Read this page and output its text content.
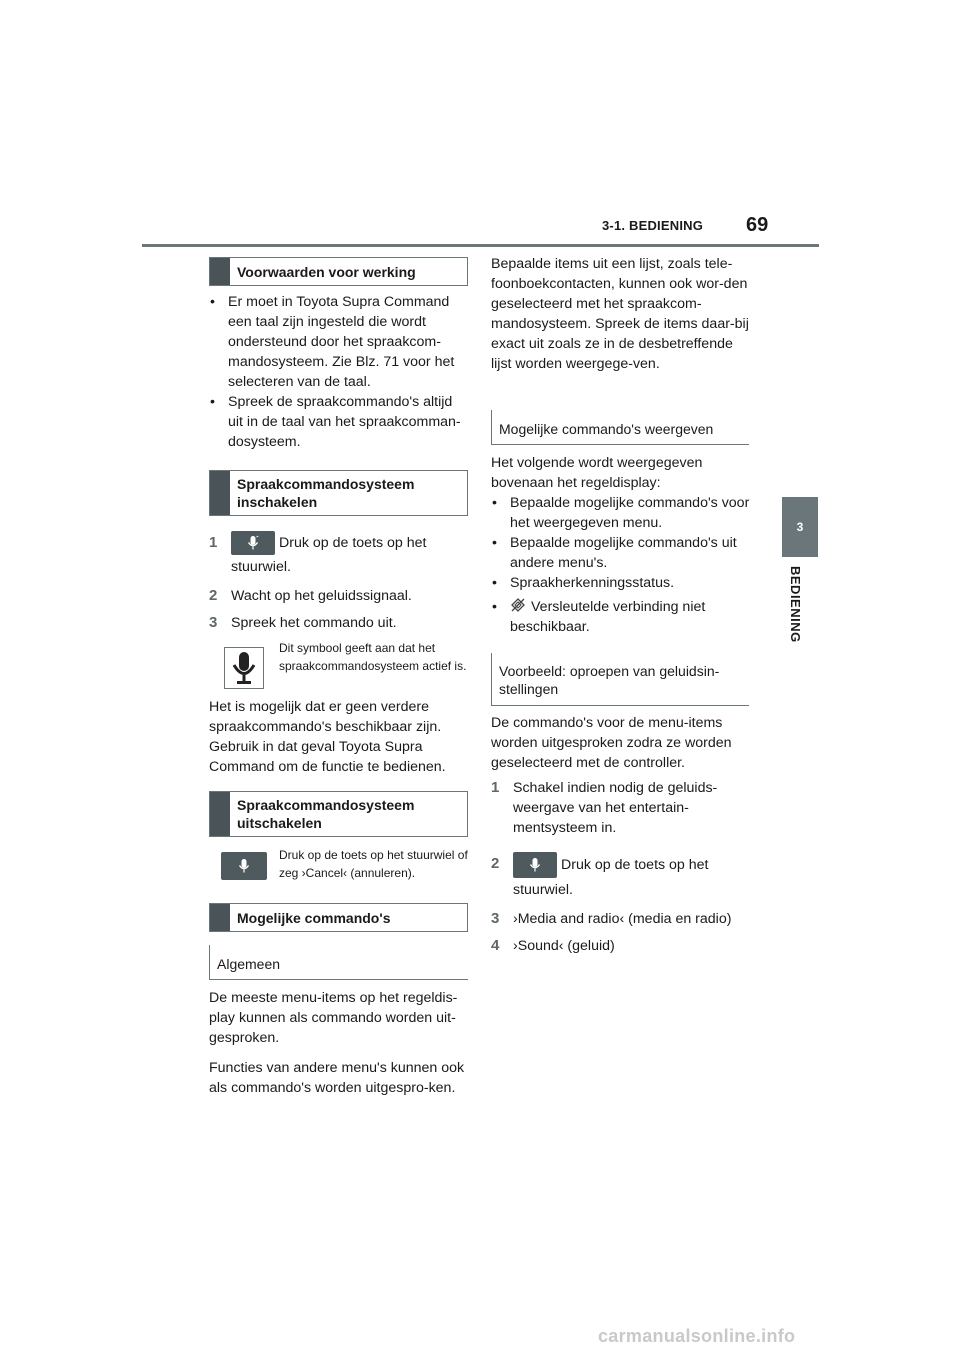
3-1. BEDIENING 69
3
BEDIENING
Voorwaarden voor werking
• Er moet in Toyota Supra Command een taal zijn ingesteld die wordt ondersteund door het spraakcom-mandosysteem. Zie Blz. 71 voor het selecteren van de taal.
• Spreek de spraakcommando's altijd uit in de taal van het spraakcomman-dosysteem.
Spraakcommandosysteem inschakelen
1	Druk op de toets op het stuurwiel.
2 Wacht op het geluidssignaal.
3 Spreek het commando uit.
Dit symbool geeft aan dat het spraakcommandosysteem actief is.

Het is mogelijk dat er geen verdere spraakcommando's beschikbaar zijn. Gebruik in dat geval Toyota Supra Command om de functie te bedienen.

Spraakcommandosysteem uitschakelen
Druk op de toets op het stuurwiel of zeg ›Cancel‹ (annuleren).
Mogelijke commando's
Algemeen

De meeste menu-items op het regeldis-play kunnen als commando worden uit-gesproken.

Functies van andere menu's kunnen ook als commando's worden uitgespro-ken.

Bepaalde items uit een lijst, zoals tele-foonboekcontacten, kunnen ook wor-den geselecteerd met het spraakcom-mandosysteem. Spreek de items daar-bij exact uit zoals ze in de desbetreffende lijst worden weergege-ven.

Mogelijke commando's weergeven

Het volgende wordt weergegeven bovenaan het regeldisplay:

• Bepaalde mogelijke commando's voor het weergegeven menu.
• Bepaalde mogelijke commando's uit andere menu's.
• Spraakherkenningsstatus.
• Versleutelde verbinding niet beschikbaar.
Voorbeeld: oproepen van geluidsin-stellingen

De commando's voor de menu-items worden uitgesproken zodra ze worden geselecteerd met de controller.

1 Schakel indien nodig de geluids-weergave van het entertain-mentsysteem in.
2	Druk op de toets op het stuurwiel.
3 ›Media and radio‹ (media en radio)
4 ›Sound‹ (geluid)
carmanualsonline.info
